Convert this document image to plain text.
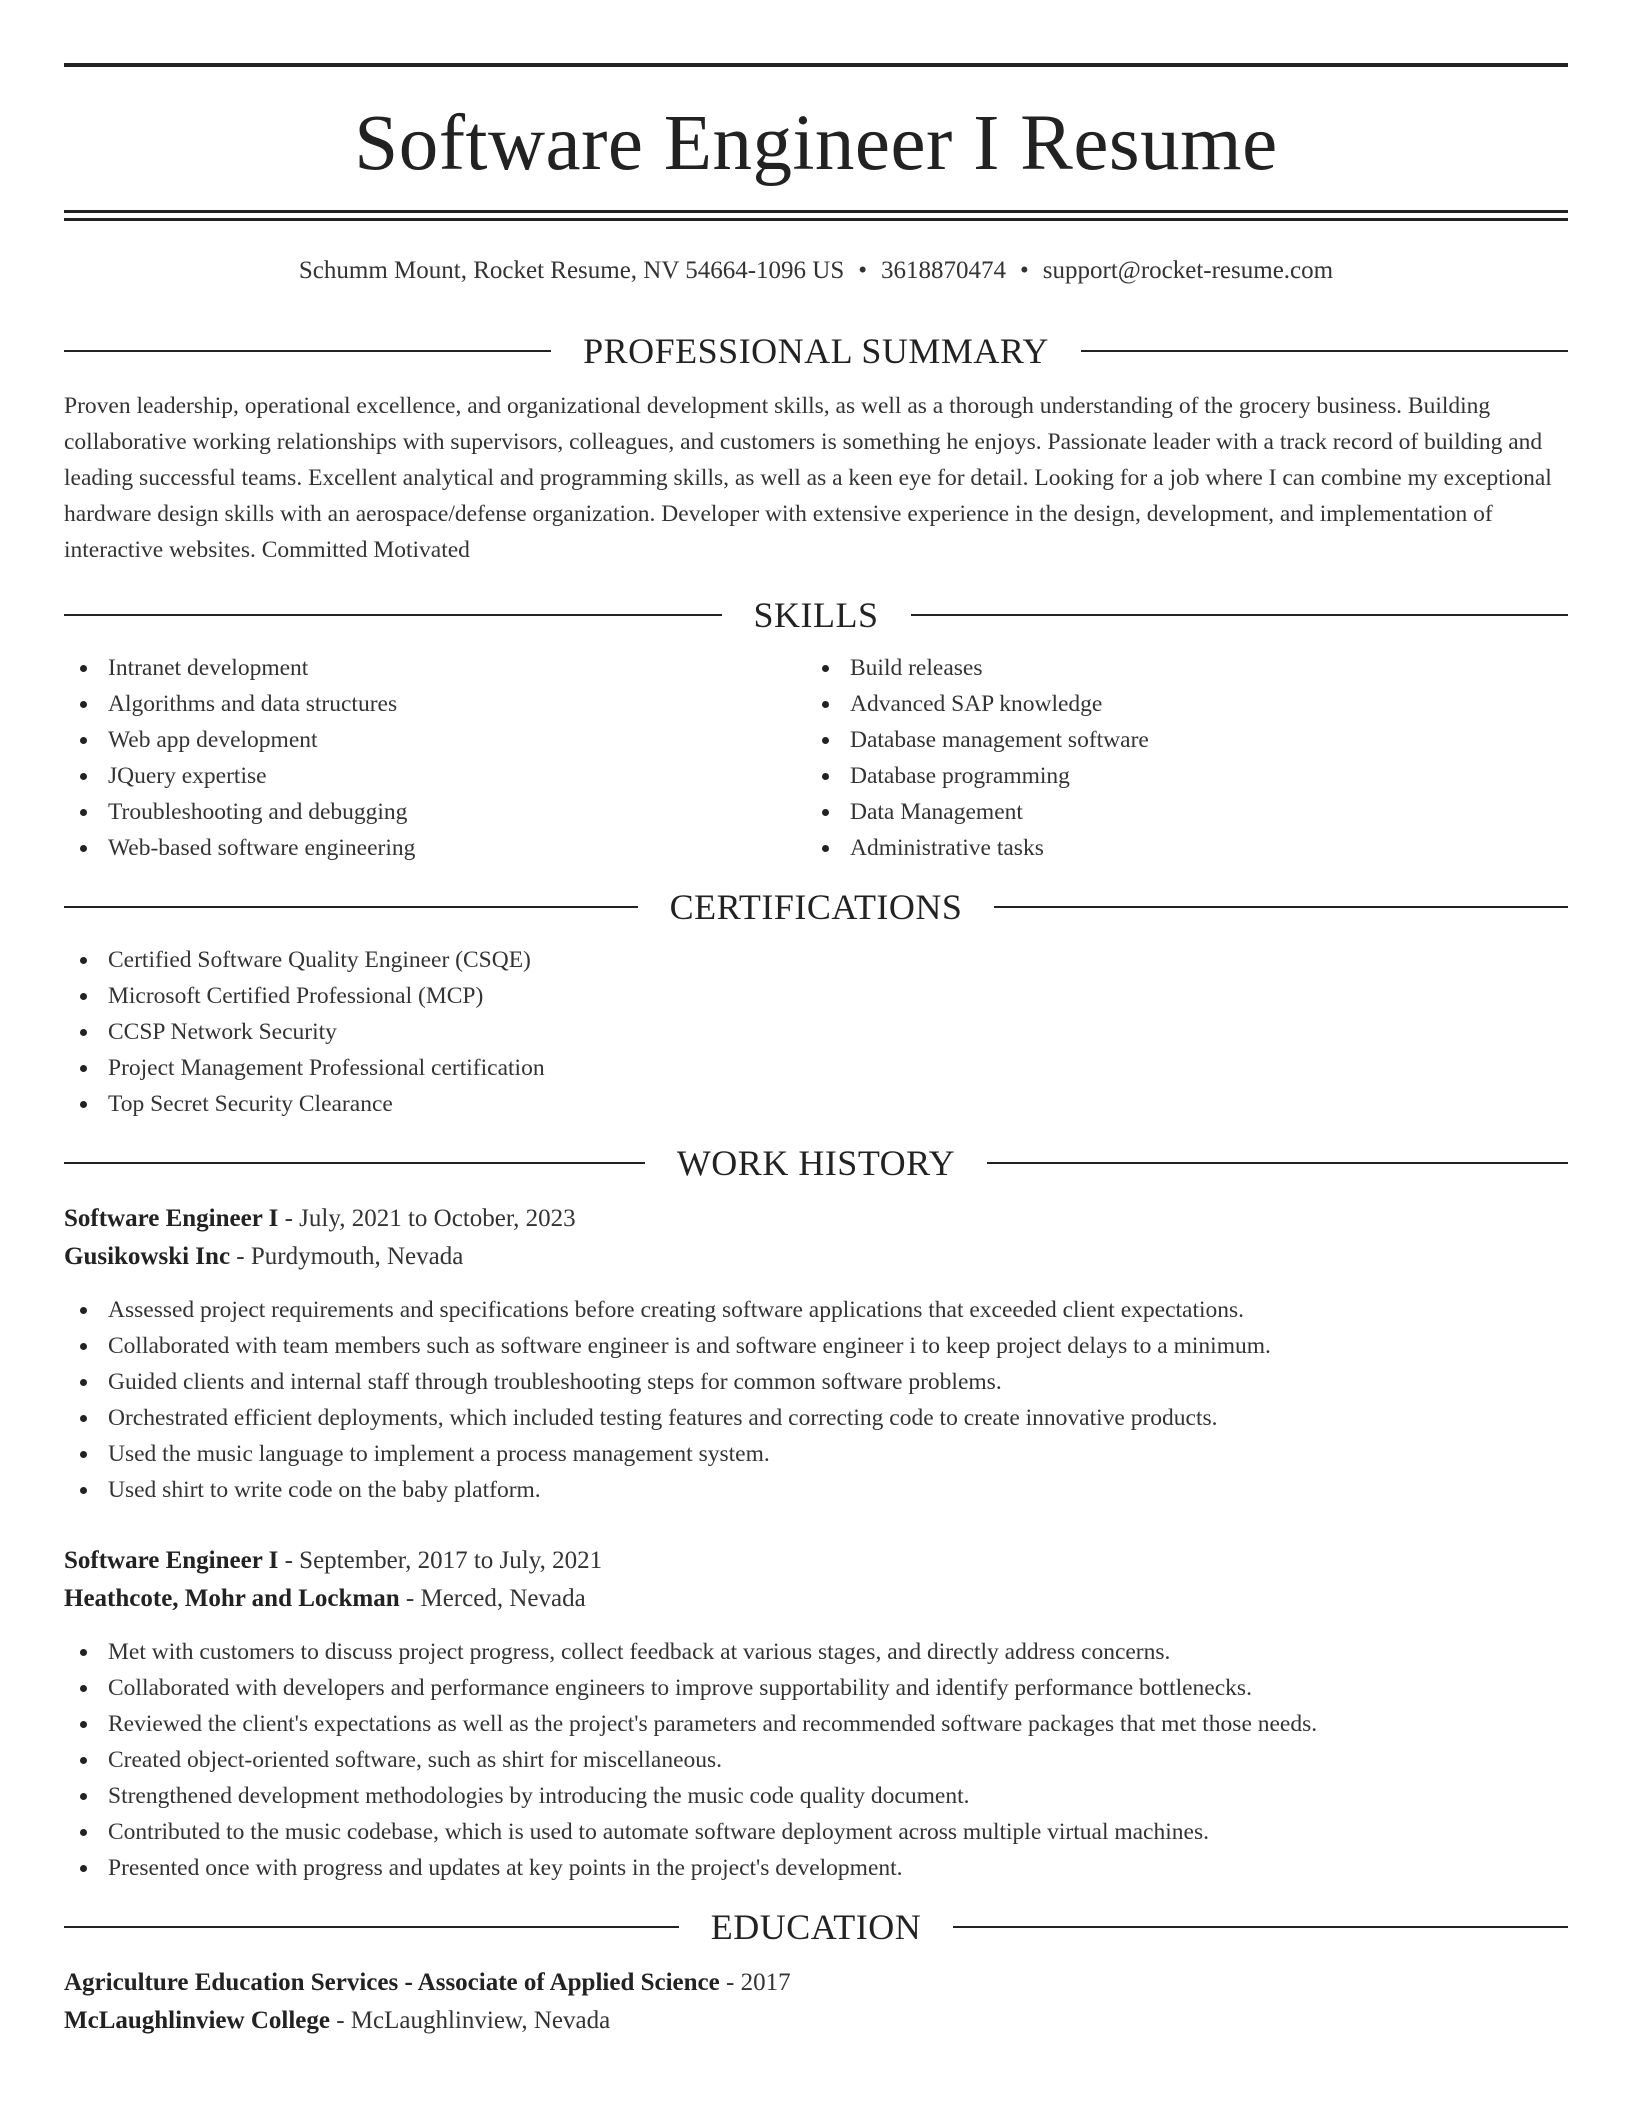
Software Engineer I Resume
Schumm Mount, Rocket Resume, NV 54664-1096 US • 3618870474 • support@rocket-resume.com
PROFESSIONAL SUMMARY
Proven leadership, operational excellence, and organizational development skills, as well as a thorough understanding of the grocery business. Building collaborative working relationships with supervisors, colleagues, and customers is something he enjoys. Passionate leader with a track record of building and leading successful teams. Excellent analytical and programming skills, as well as a keen eye for detail. Looking for a job where I can combine my exceptional hardware design skills with an aerospace/defense organization. Developer with extensive experience in the design, development, and implementation of interactive websites. Committed Motivated
SKILLS
Intranet development
Algorithms and data structures
Web app development
JQuery expertise
Troubleshooting and debugging
Web-based software engineering
Build releases
Advanced SAP knowledge
Database management software
Database programming
Data Management
Administrative tasks
CERTIFICATIONS
Certified Software Quality Engineer (CSQE)
Microsoft Certified Professional (MCP)
CCSP Network Security
Project Management Professional certification
Top Secret Security Clearance
WORK HISTORY
Software Engineer I - July, 2021 to October, 2023
Gusikowski Inc - Purdymouth, Nevada
Assessed project requirements and specifications before creating software applications that exceeded client expectations.
Collaborated with team members such as software engineer is and software engineer i to keep project delays to a minimum.
Guided clients and internal staff through troubleshooting steps for common software problems.
Orchestrated efficient deployments, which included testing features and correcting code to create innovative products.
Used the music language to implement a process management system.
Used shirt to write code on the baby platform.
Software Engineer I - September, 2017 to July, 2021
Heathcote, Mohr and Lockman - Merced, Nevada
Met with customers to discuss project progress, collect feedback at various stages, and directly address concerns.
Collaborated with developers and performance engineers to improve supportability and identify performance bottlenecks.
Reviewed the client's expectations as well as the project's parameters and recommended software packages that met those needs.
Created object-oriented software, such as shirt for miscellaneous.
Strengthened development methodologies by introducing the music code quality document.
Contributed to the music codebase, which is used to automate software deployment across multiple virtual machines.
Presented once with progress and updates at key points in the project's development.
EDUCATION
Agriculture Education Services - Associate of Applied Science - 2017
McLaughlinview College - McLaughlinview, Nevada
